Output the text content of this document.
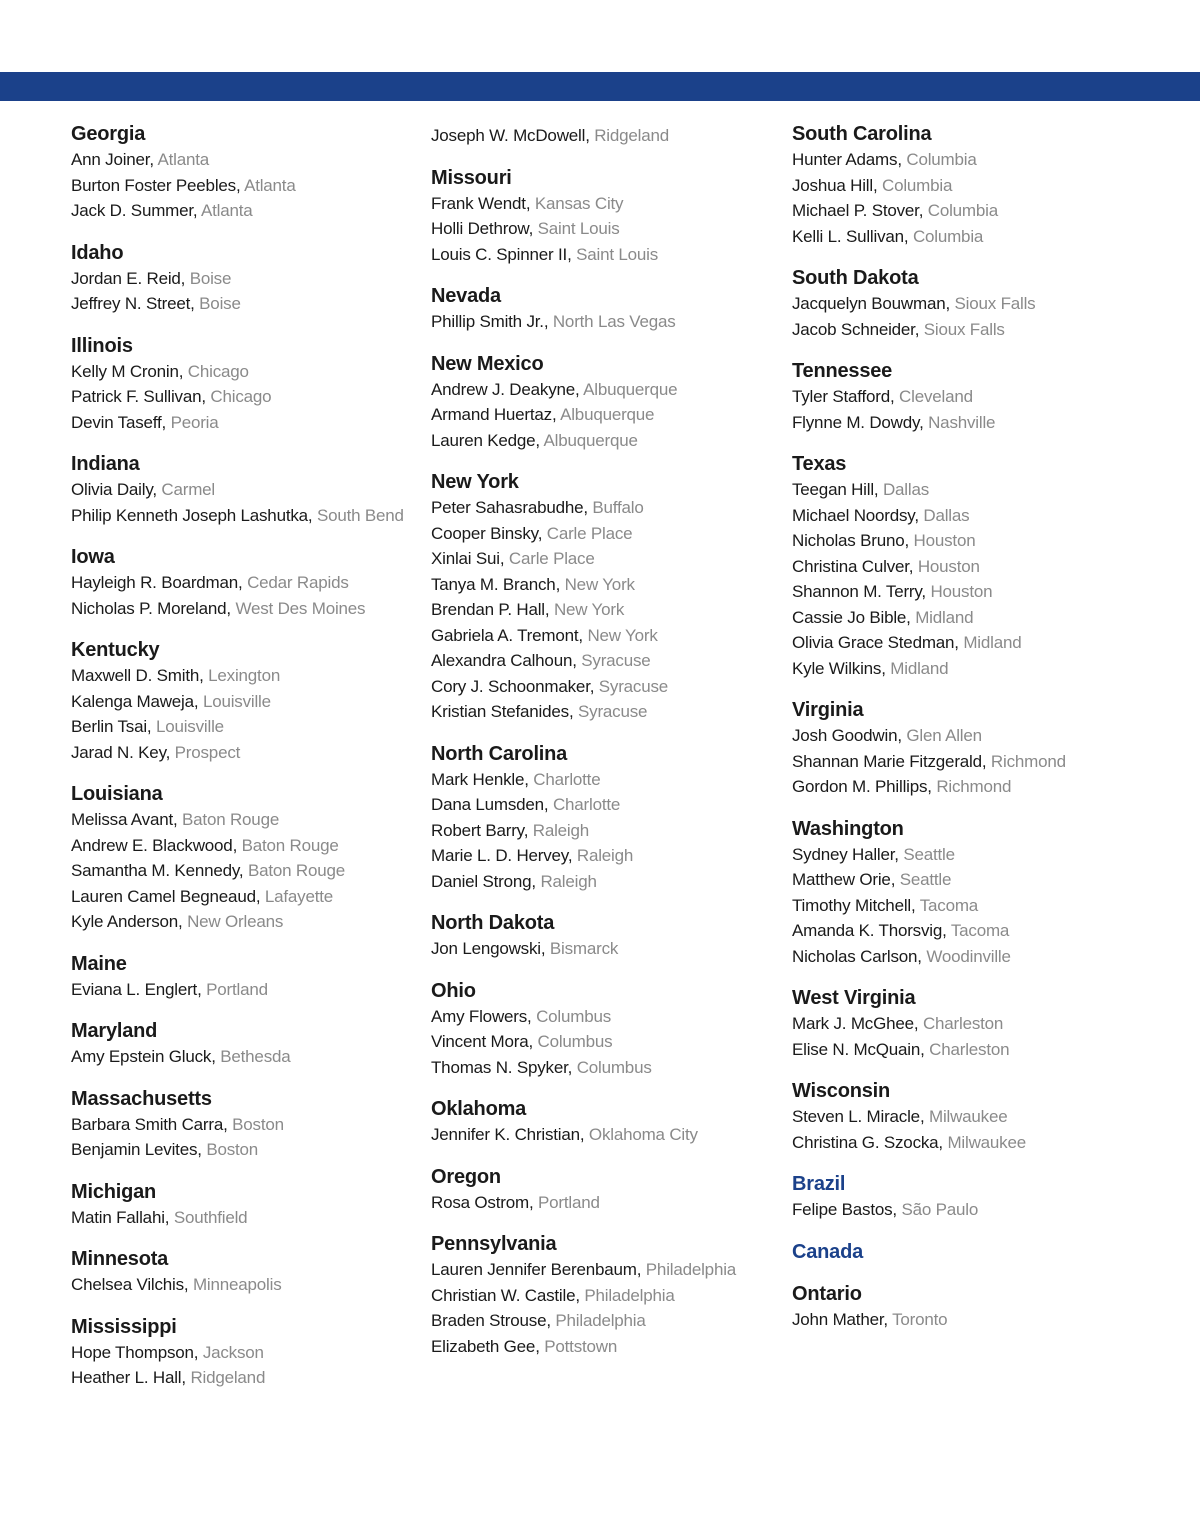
Georgia
Ann Joiner, Atlanta
Burton Foster Peebles, Atlanta
Jack D. Summer, Atlanta
Idaho
Jordan E. Reid, Boise
Jeffrey N. Street, Boise
Illinois
Kelly M Cronin, Chicago
Patrick F. Sullivan, Chicago
Devin Taseff, Peoria
Indiana
Olivia Daily, Carmel
Philip Kenneth Joseph Lashutka, South Bend
Iowa
Hayleigh R. Boardman, Cedar Rapids
Nicholas P. Moreland, West Des Moines
Kentucky
Maxwell D. Smith, Lexington
Kalenga Maweja, Louisville
Berlin Tsai, Louisville
Jarad N. Key, Prospect
Louisiana
Melissa Avant, Baton Rouge
Andrew E. Blackwood, Baton Rouge
Samantha M. Kennedy, Baton Rouge
Lauren Camel Begneaud, Lafayette
Kyle Anderson, New Orleans
Maine
Eviana L. Englert, Portland
Maryland
Amy Epstein Gluck, Bethesda
Massachusetts
Barbara Smith Carra, Boston
Benjamin Levites, Boston
Michigan
Matin Fallahi, Southfield
Minnesota
Chelsea Vilchis, Minneapolis
Mississippi
Hope Thompson, Jackson
Heather L. Hall, Ridgeland
Joseph W. McDowell, Ridgeland
Missouri
Frank Wendt, Kansas City
Holli Dethrow, Saint Louis
Louis C. Spinner II, Saint Louis
Nevada
Phillip Smith Jr., North Las Vegas
New Mexico
Andrew J. Deakyne, Albuquerque
Armand Huertaz, Albuquerque
Lauren Kedge, Albuquerque
New York
Peter Sahasrabudhe, Buffalo
Cooper Binsky, Carle Place
Xinlai Sui, Carle Place
Tanya M. Branch, New York
Brendan P. Hall, New York
Gabriela A. Tremont, New York
Alexandra Calhoun, Syracuse
Cory J. Schoonmaker, Syracuse
Kristian Stefanides, Syracuse
North Carolina
Mark Henkle, Charlotte
Dana Lumsden, Charlotte
Robert Barry, Raleigh
Marie L. D. Hervey, Raleigh
Daniel Strong, Raleigh
North Dakota
Jon Lengowski, Bismarck
Ohio
Amy Flowers, Columbus
Vincent Mora, Columbus
Thomas N. Spyker, Columbus
Oklahoma
Jennifer K. Christian, Oklahoma City
Oregon
Rosa Ostrom, Portland
Pennsylvania
Lauren Jennifer Berenbaum, Philadelphia
Christian W. Castile, Philadelphia
Braden Strouse, Philadelphia
Elizabeth Gee, Pottstown
South Carolina
Hunter Adams, Columbia
Joshua Hill, Columbia
Michael P. Stover, Columbia
Kelli L. Sullivan, Columbia
South Dakota
Jacquelyn Bouwman, Sioux Falls
Jacob Schneider, Sioux Falls
Tennessee
Tyler Stafford, Cleveland
Flynne M. Dowdy, Nashville
Texas
Teegan Hill, Dallas
Michael Noordsy, Dallas
Nicholas Bruno, Houston
Christina Culver, Houston
Shannon M. Terry, Houston
Cassie Jo Bible, Midland
Olivia Grace Stedman, Midland
Kyle Wilkins, Midland
Virginia
Josh Goodwin, Glen Allen
Shannan Marie Fitzgerald, Richmond
Gordon M. Phillips, Richmond
Washington
Sydney Haller, Seattle
Matthew Orie, Seattle
Timothy Mitchell, Tacoma
Amanda K. Thorsvig, Tacoma
Nicholas Carlson, Woodinville
West Virginia
Mark J. McGhee, Charleston
Elise N. McQuain, Charleston
Wisconsin
Steven L. Miracle, Milwaukee
Christina G. Szocka, Milwaukee
Brazil
Felipe Bastos, São Paulo
Canada
Ontario
John Mather, Toronto
